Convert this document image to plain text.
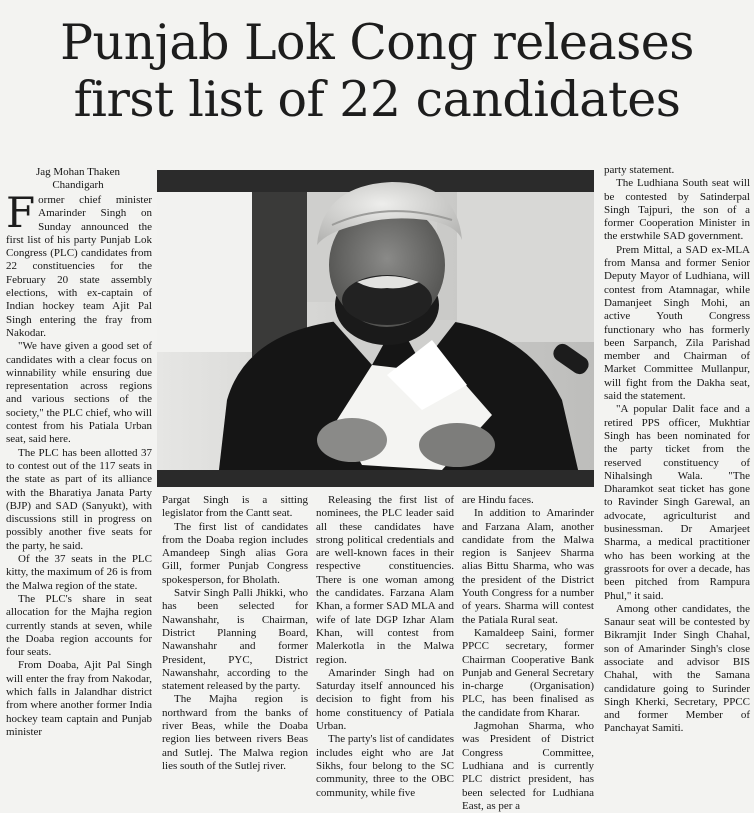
Punjab Lok Cong releases
first list of 22 candidates
Jag Mohan Thaken
Chandigarh

Former chief minister Amarinder Singh on Sunday announced the first list of his party Punjab Lok Congress (PLC) candidates from 22 constituencies for the February 20 state assembly elections, with ex-captain of Indian hockey team Ajit Pal Singh entering the fray from Nakodar.

"We have given a good set of candidates with a clear focus on winnability while ensuring due representation across regions and various sections of the society," the PLC chief, who will contest from his Patiala Urban seat, said here.

The PLC has been allotted 37 to contest out of the 117 seats in the state as part of its alliance with the Bharatiya Janata Party (BJP) and SAD (Sanyukt), with discussions still in progress on possibly another five seats for the party, he said.

Of the 37 seats in the PLC kitty, the maximum of 26 is from the Malwa region of the state.

The PLC's share in seat allocation for the Majha region currently stands at seven, while the Doaba region accounts for four seats.

From Doaba, Ajit Pal Singh will enter the fray from Nakodar, which falls in Jalandhar district from where another former India hockey team captain and Punjab minister

Pargat Singh is a sitting legislator from the Cantt seat.

The first list of candidates from the Doaba region includes Amandeep Singh alias Gora Gill, former Punjab Congress spokesperson, for Bholath.

Satvir Singh Palli Jhikki, who has been selected for Nawanshahr, is Chairman, District Planning Board, Nawanshahr and former President, PYC, District Nawanshahr, according to the statement released by the party.

The Majha region is northward from the banks of river Beas, while the Doaba region lies between rivers Beas and Sutlej. The Malwa region lies south of the Sutlej river.

Releasing the first list of nominees, the PLC leader said all these candidates have strong political credentials and are well-known faces in their respective constituencies. There is one woman among the candidates. Farzana Alam Khan, a former SAD MLA and wife of late DGP Izhar Alam Khan, will contest from Malerkotla in the Malwa region.

Amarinder Singh had on Saturday itself announced his decision to fight from his home constituency of Patiala Urban.

The party's list of candidates includes eight who are Jat Sikhs, four belong to the SC community, three to the OBC community, while five

are Hindu faces.

In addition to Amarinder and Farzana Alam, another candidate from the Malwa region is Sanjeev Sharma alias Bittu Sharma, who was the president of the District Youth Congress for a number of years. Sharma will contest the Patiala Rural seat.

Kamaldeep Saini, former PPCC secretary, former Chairman Cooperative Bank Punjab and General Secretary in-charge (Organisation) PLC, has been finalised as the candidate from Kharar.

Jagmohan Sharma, who was President of District Congress Committee, Ludhiana and is currently PLC district president, has been selected for Ludhiana East, as per a

party statement.

The Ludhiana South seat will be contested by Satinderpal Singh Tajpuri, the son of a former Cooperation Minister in the erstwhile SAD government.

Prem Mittal, a SAD ex-MLA from Mansa and former Senior Deputy Mayor of Ludhiana, will contest from Atamnagar, while Damanjeet Singh Mohi, an active Youth Congress functionary who has formerly been Sarpanch, Zila Parishad member and Chairman of Market Committee Mullanpur, will fight from the Dakha seat, said the statement.

"A popular Dalit face and a retired PPS officer, Mukhtiar Singh has been nominated for the party ticket from the reserved constituency of Nihalsingh Wala. "The Dharamkot seat ticket has gone to Ravinder Singh Garewal, an advocate, agriculturist and businessman. Dr Amarjeet Sharma, a medical practitioner who has been working at the grassroots for over a decade, has been pitched from Rampura Phul," it said.

Among other candidates, the Sanaur seat will be contested by Bikramjit Inder Singh Chahal, son of Amarinder Singh's close associate and advisor BIS Chahal, with the Samana candidature going to Surinder Singh Kherki, Secretary, PPCC and former Member of Panchayat Samiti.
